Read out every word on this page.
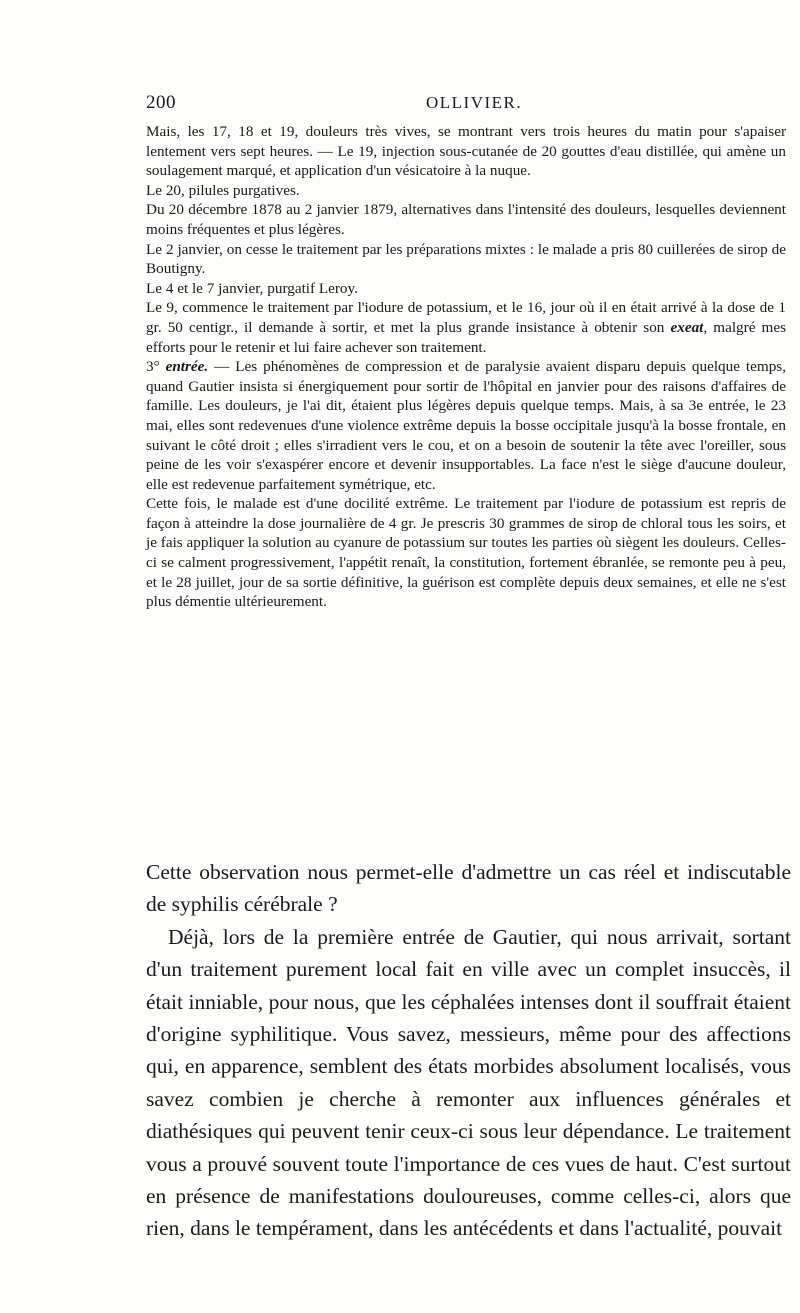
200	OLLIVIER.

Mais, les 17, 18 et 19, douleurs très vives, se montrant vers trois heures du matin pour s'apaiser lentement vers sept heures. — Le 19, injection sous-cutanée de 20 gouttes d'eau distillée, qui amène un soulagement marqué, et application d'un vésicatoire à la nuque.

Le 20, pilules purgatives.

Du 20 décembre 1878 au 2 janvier 1879, alternatives dans l'intensité des douleurs, lesquelles deviennent moins fréquentes et plus légères.

Le 2 janvier, on cesse le traitement par les préparations mixtes : le malade a pris 80 cuillerées de sirop de Boutigny.

Le 4 et le 7 janvier, purgatif Leroy.

Le 9, commence le traitement par l'iodure de potassium, et le 16, jour où il en était arrivé à la dose de 1 gr. 50 centigr., il demande à sortir, et met la plus grande insistance à obtenir son exeat, malgré mes efforts pour le retenir et lui faire achever son traitement.

3° entrée. — Les phénomènes de compression et de paralysie avaient disparu depuis quelque temps, quand Gautier insista si énergiquement pour sortir de l'hôpital en janvier pour des raisons d'affaires de famille. Les douleurs, je l'ai dit, étaient plus légères depuis quelque temps. Mais, à sa 3e entrée, le 23 mai, elles sont redevenues d'une violence extrême depuis la bosse occipitale jusqu'à la bosse frontale, en suivant le côté droit ; elles s'irradient vers le cou, et on a besoin de soutenir la tête avec l'oreiller, sous peine de les voir s'exaspérer encore et devenir insupportables. La face n'est le siège d'aucune douleur, elle est redevenue parfaitement symétrique, etc.

Cette fois, le malade est d'une docilité extrême. Le traitement par l'iodure de potassium est repris de façon à atteindre la dose journalière de 4 gr. Je prescris 30 grammes de sirop de chloral tous les soirs, et je fais appliquer la solution au cyanure de potassium sur toutes les parties où siègent les douleurs. Celles-ci se calment progressivement, l'appétit renaît, la constitution, fortement ébranlée, se remonte peu à peu, et le 28 juillet, jour de sa sortie définitive, la guérison est complète depuis deux semaines, et elle ne s'est plus démentie ultérieurement.

Cette observation nous permet-elle d'admettre un cas réel et indiscutable de syphilis cérébrale ?

Déjà, lors de la première entrée de Gautier, qui nous arrivait, sortant d'un traitement purement local fait en ville avec un complet insuccès, il était inniable, pour nous, que les céphalées intenses dont il souffrait étaient d'origine syphilitique. Vous savez, messieurs, même pour des affections qui, en apparence, semblent des états morbides absolument localisés, vous savez combien je cherche à remonter aux influences générales et diathésiques qui peuvent tenir ceux-ci sous leur dépendance. Le traitement vous a prouvé souvent toute l'importance de ces vues de haut. C'est surtout en présence de manifestations douloureuses, comme celles-ci, alors que rien, dans le tempérament, dans les antécédents et dans l'actualité, pouvait
